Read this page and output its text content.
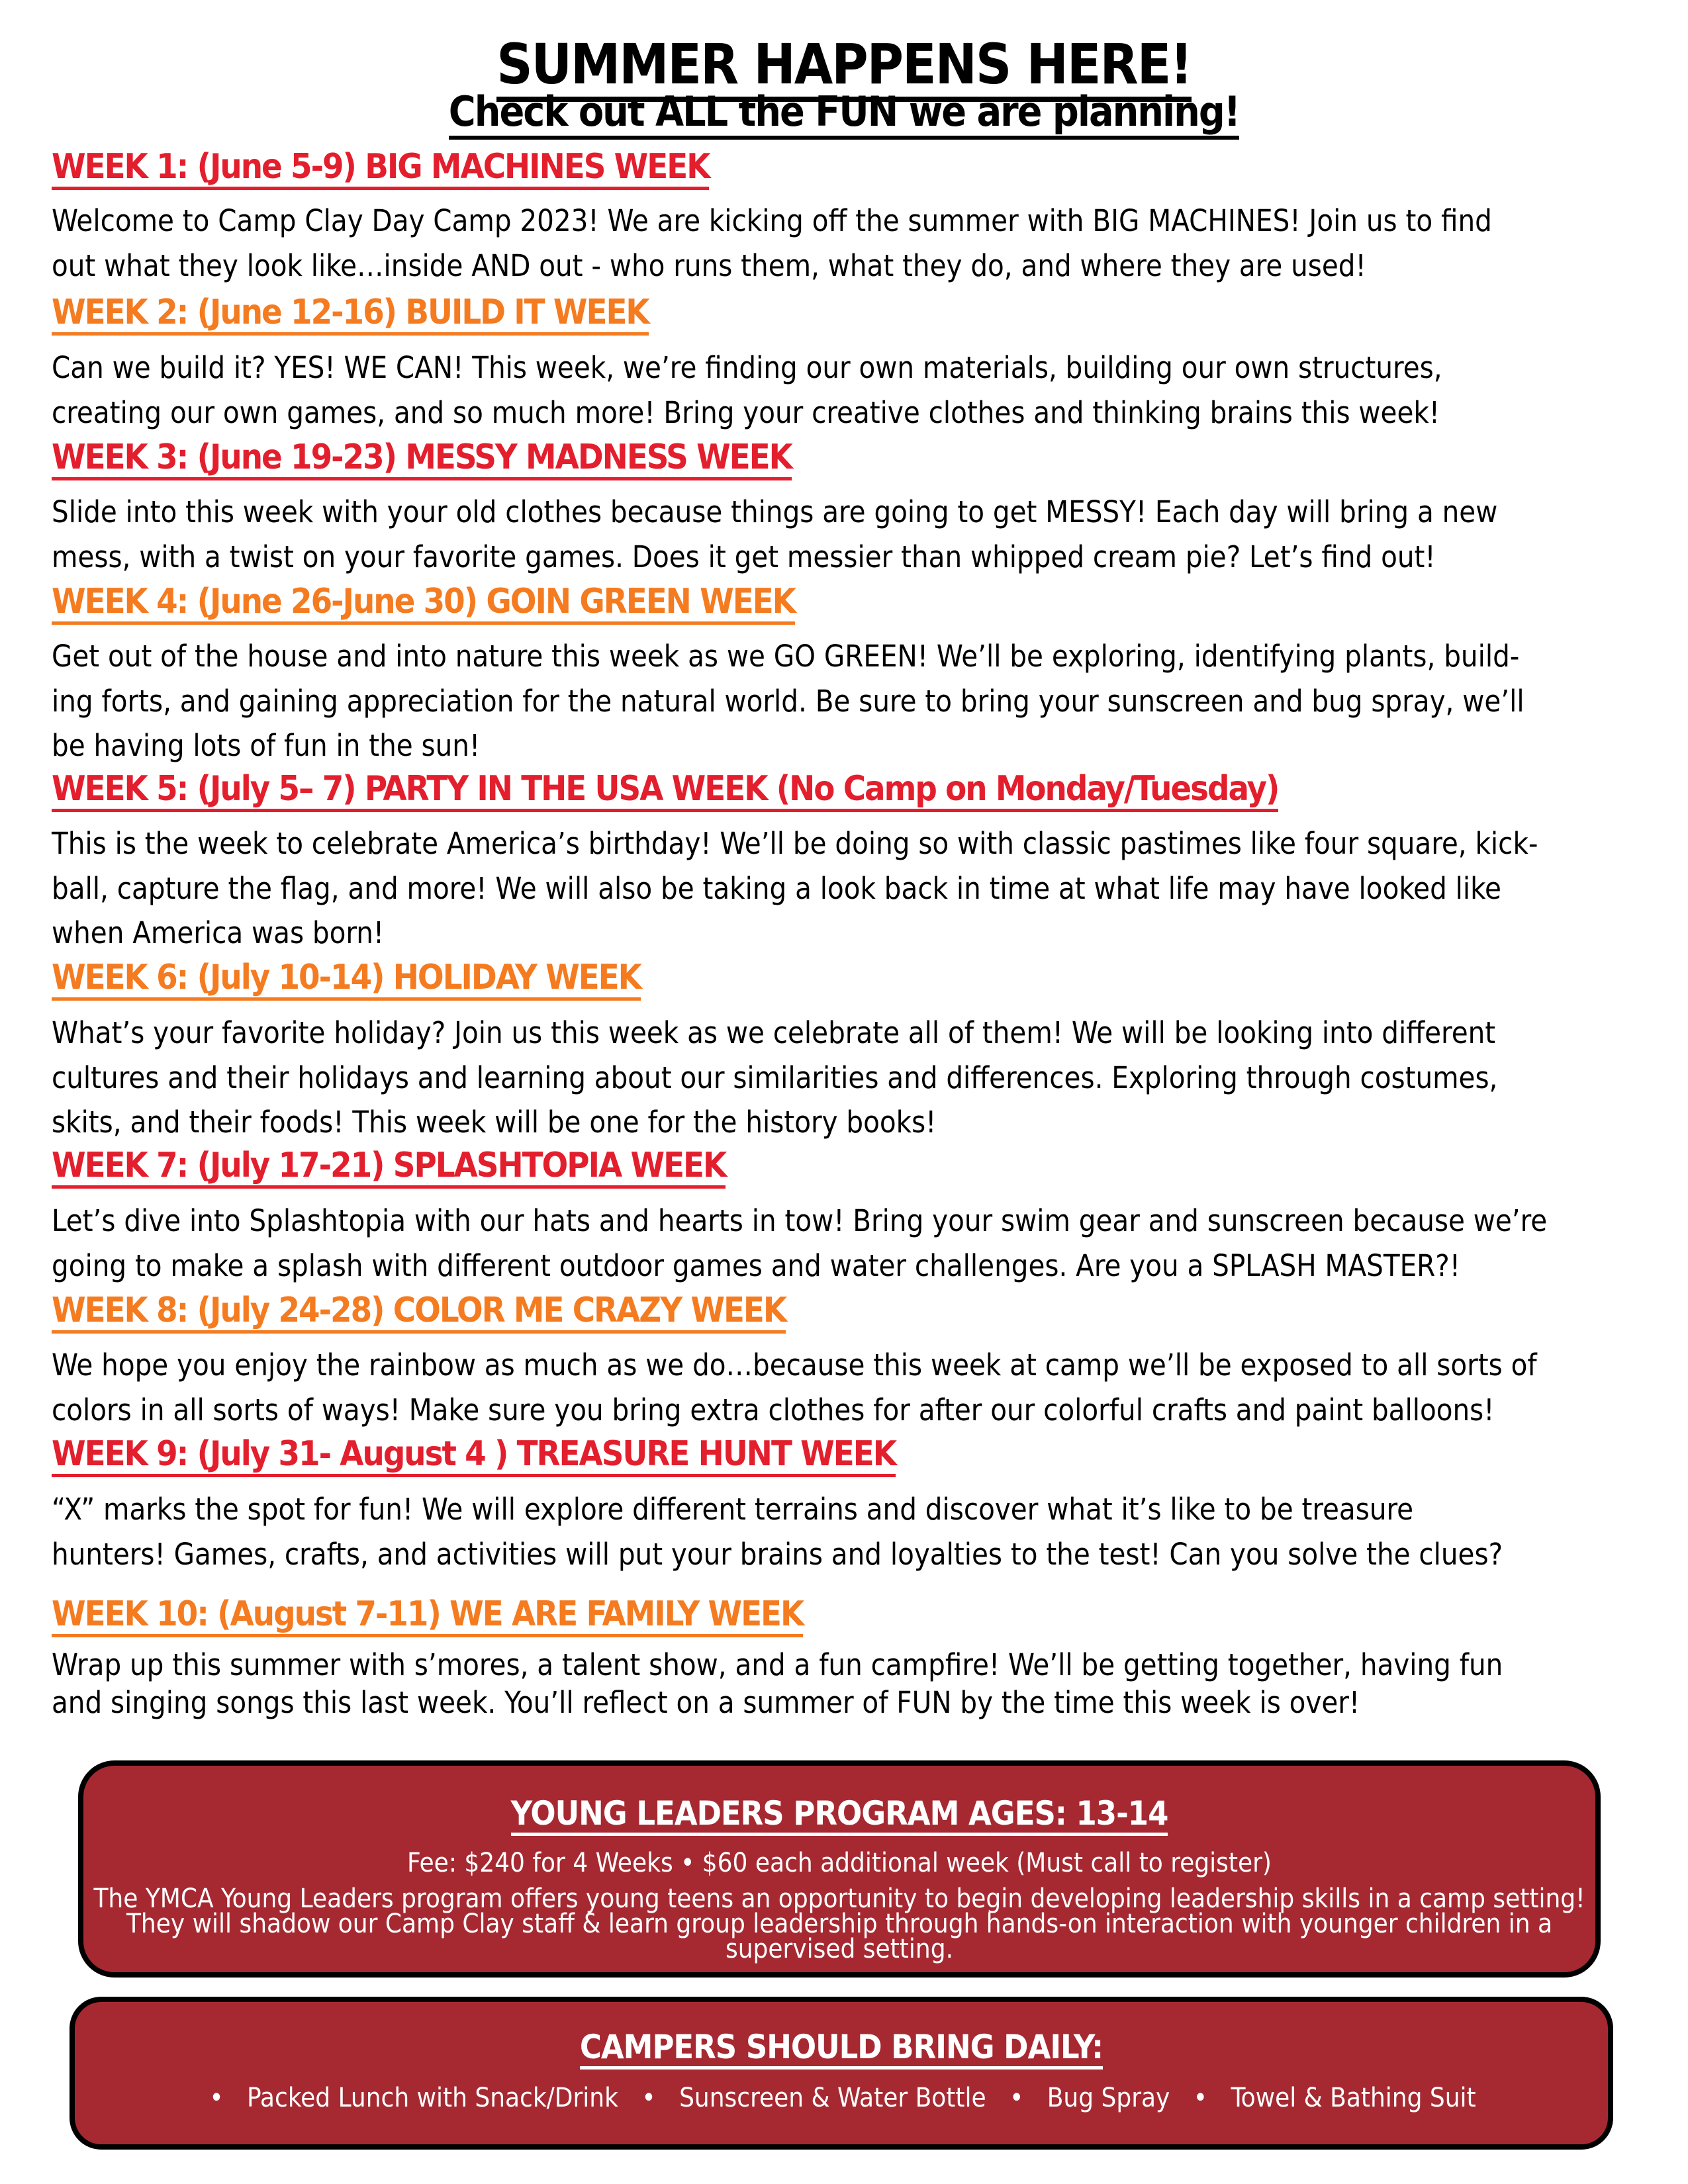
SUMMER HAPPENS HERE!
Check out ALL the FUN we are planning!
WEEK 1: (June 5-9) BIG MACHINES WEEK
Welcome to Camp Clay Day Camp 2023! We are kicking off the summer with BIG MACHINES! Join us to find
out what they look like…inside AND out - who runs them, what they do, and where they are used!
WEEK 2: (June 12-16) BUILD IT WEEK
Can we build it? YES! WE CAN! This week, we’re finding our own materials, building our own structures,
creating our own games, and so much more! Bring your creative clothes and thinking brains this week!
WEEK 3: (June 19-23) MESSY MADNESS WEEK
Slide into this week with your old clothes because things are going to get MESSY! Each day will bring a new
mess, with a twist on your favorite games. Does it get messier than whipped cream pie? Let’s find out!
WEEK 4: (June 26-June 30) GOIN GREEN WEEK
Get out of the house and into nature this week as we GO GREEN! We’ll be exploring, identifying plants, build-
ing forts, and gaining appreciation for the natural world. Be sure to bring your sunscreen and bug spray, we’ll
be having lots of fun in the sun!
WEEK 5: (July 5– 7) PARTY IN THE USA WEEK (No Camp on Monday/Tuesday)
This is the week to celebrate America’s birthday! We’ll be doing so with classic pastimes like four square, kick-
ball, capture the flag, and more! We will also be taking a look back in time at what life may have looked like
when America was born!
WEEK 6: (July 10-14) HOLIDAY WEEK
What’s your favorite holiday? Join us this week as we celebrate all of them! We will be looking into different
cultures and their holidays and learning about our similarities and differences. Exploring through costumes,
skits, and their foods! This week will be one for the history books!
WEEK 7: (July 17-21) SPLASHTOPIA WEEK
Let’s dive into Splashtopia with our hats and hearts in tow! Bring your swim gear and sunscreen because we’re
going to make a splash with different outdoor games and water challenges. Are you a SPLASH MASTER?!
WEEK 8: (July 24-28) COLOR ME CRAZY WEEK
We hope you enjoy the rainbow as much as we do…because this week at camp we’ll be exposed to all sorts of
colors in all sorts of ways! Make sure you bring extra clothes for after our colorful crafts and paint balloons!
WEEK 9: (July 31- August 4 ) TREASURE HUNT WEEK
“X” marks the spot for fun! We will explore different terrains and discover what it’s like to be treasure
hunters! Games, crafts, and activities will put your brains and loyalties to the test! Can you solve the clues?
WEEK 10: (August 7-11) WE ARE FAMILY WEEK
Wrap up this summer with s’mores, a talent show, and a fun campfire! We’ll be getting together, having fun
and singing songs this last week. You’ll reflect on a summer of FUN by the time this week is over!
YOUNG LEADERS PROGRAM AGES: 13-14
Fee: $240 for 4 Weeks • $60 each additional week (Must call to register)
The YMCA Young Leaders program offers young teens an opportunity to begin developing leadership skills in a camp setting! They will shadow our Camp Clay staff & learn group leadership through hands-on interaction with younger children in a supervised setting.
CAMPERS SHOULD BRING DAILY:
• Packed Lunch with Snack/Drink • Sunscreen & Water Bottle • Bug Spray • Towel & Bathing Suit
